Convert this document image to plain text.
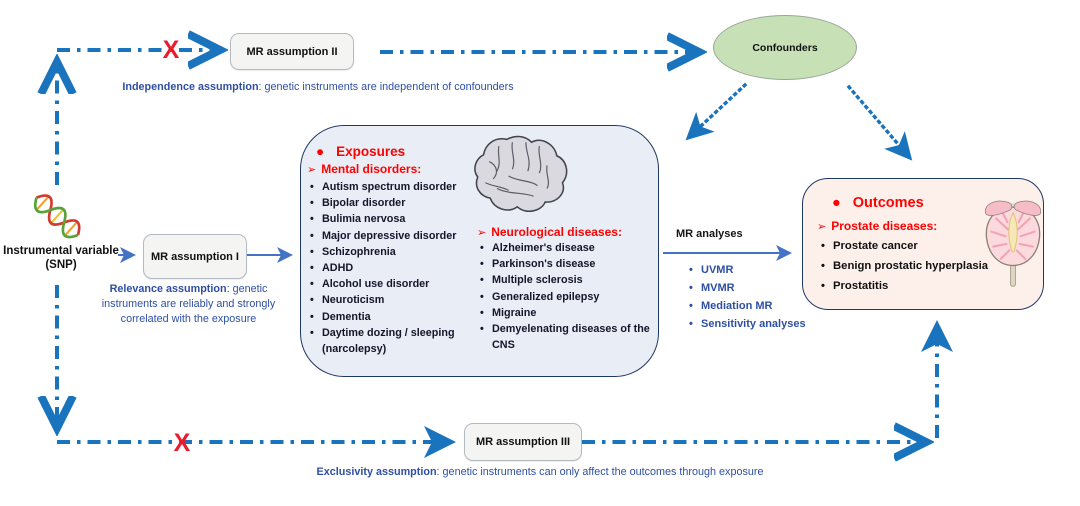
X
X
Instrumental variable
(SNP)
MR assumption I
MR assumption II
MR assumption III
Confounders
Independence assumption: genetic instruments are independent of confounders
Relevance assumption: genetic instruments are reliably and strongly correlated with the exposure
Exclusivity assumption: genetic instruments can only affect the outcomes through exposure
● Exposures
➢ Mental disorders:
• Autism spectrum disorder
• Bipolar disorder
• Bulimia nervosa
• Major depressive disorder
• Schizophrenia
• ADHD
• Alcohol use disorder
• Neuroticism
• Dementia
• Daytime dozing / sleeping (narcolepsy)
➢ Neurological diseases:
• Alzheimer's disease
• Parkinson's disease
• Multiple sclerosis
• Generalized epilepsy
• Migraine
• Demyelenating diseases of the CNS
MR analyses
• UVMR
• MVMR
• Mediation MR
• Sensitivity analyses
● Outcomes
➢ Prostate diseases:
• Prostate cancer
• Benign prostatic hyperplasia
• Prostatitis
